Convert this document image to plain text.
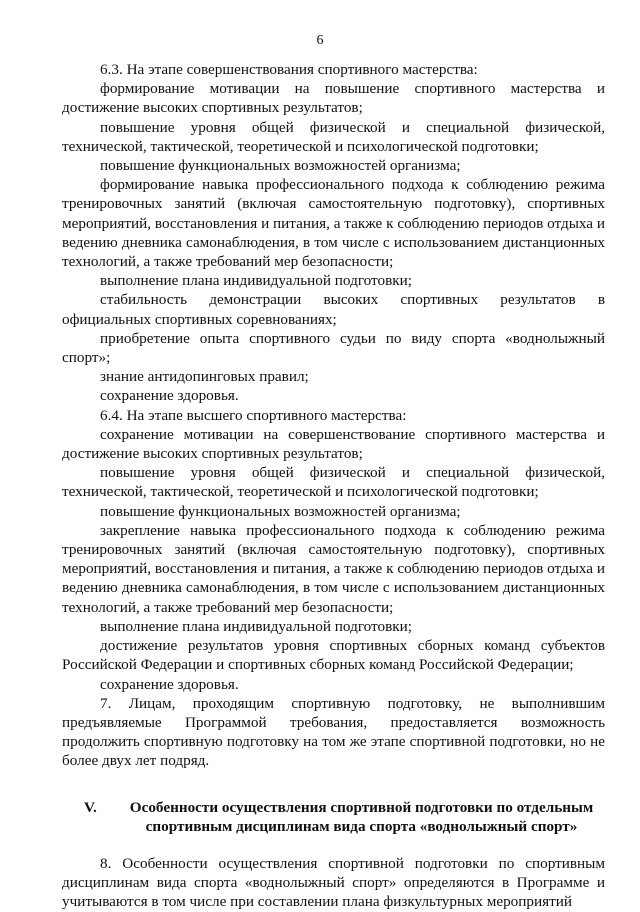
6

6.3. На этапе совершенствования спортивного мастерства:

формирование мотивации на повышение спортивного мастерства и достижение высоких спортивных результатов;

повышение уровня общей физической и специальной физической, технической, тактической, теоретической и психологической подготовки;

повышение функциональных возможностей организма;

формирование навыка профессионального подхода к соблюдению режима тренировочных занятий (включая самостоятельную подготовку), спортивных мероприятий, восстановления и питания, а также к соблюдению периодов отдыха и ведению дневника самонаблюдения, в том числе с использованием дистанционных технологий, а также требований мер безопасности;

выполнение плана индивидуальной подготовки;

стабильность демонстрации высоких спортивных результатов в официальных спортивных соревнованиях;

приобретение опыта спортивного судьи по виду спорта «воднолыжный спорт»;

знание антидопинговых правил;

сохранение здоровья.

6.4. На этапе высшего спортивного мастерства:

сохранение мотивации на совершенствование спортивного мастерства и достижение высоких спортивных результатов;

повышение уровня общей физической и специальной физической, технической, тактической, теоретической и психологической подготовки;

повышение функциональных возможностей организма;

закрепление навыка профессионального подхода к соблюдению режима тренировочных занятий (включая самостоятельную подготовку), спортивных мероприятий, восстановления и питания, а также к соблюдению периодов отдыха и ведению дневника самонаблюдения, в том числе с использованием дистанционных технологий, а также требований мер безопасности;

выполнение плана индивидуальной подготовки;

достижение результатов уровня спортивных сборных команд субъектов Российской Федерации и спортивных сборных команд Российской Федерации;

сохранение здоровья.

7. Лицам, проходящим спортивную подготовку, не выполнившим предъявляемые Программой требования, предоставляется возможность продолжить спортивную подготовку на том же этапе спортивной подготовки, но не более двух лет подряд.

V.	Особенности осуществления спортивной подготовки по отдельным спортивным дисциплинам вида спорта «воднолыжный спорт»

8. Особенности осуществления спортивной подготовки по спортивным дисциплинам вида спорта «воднолыжный спорт» определяются в Программе и учитываются в том числе при составлении плана физкультурных мероприятий
